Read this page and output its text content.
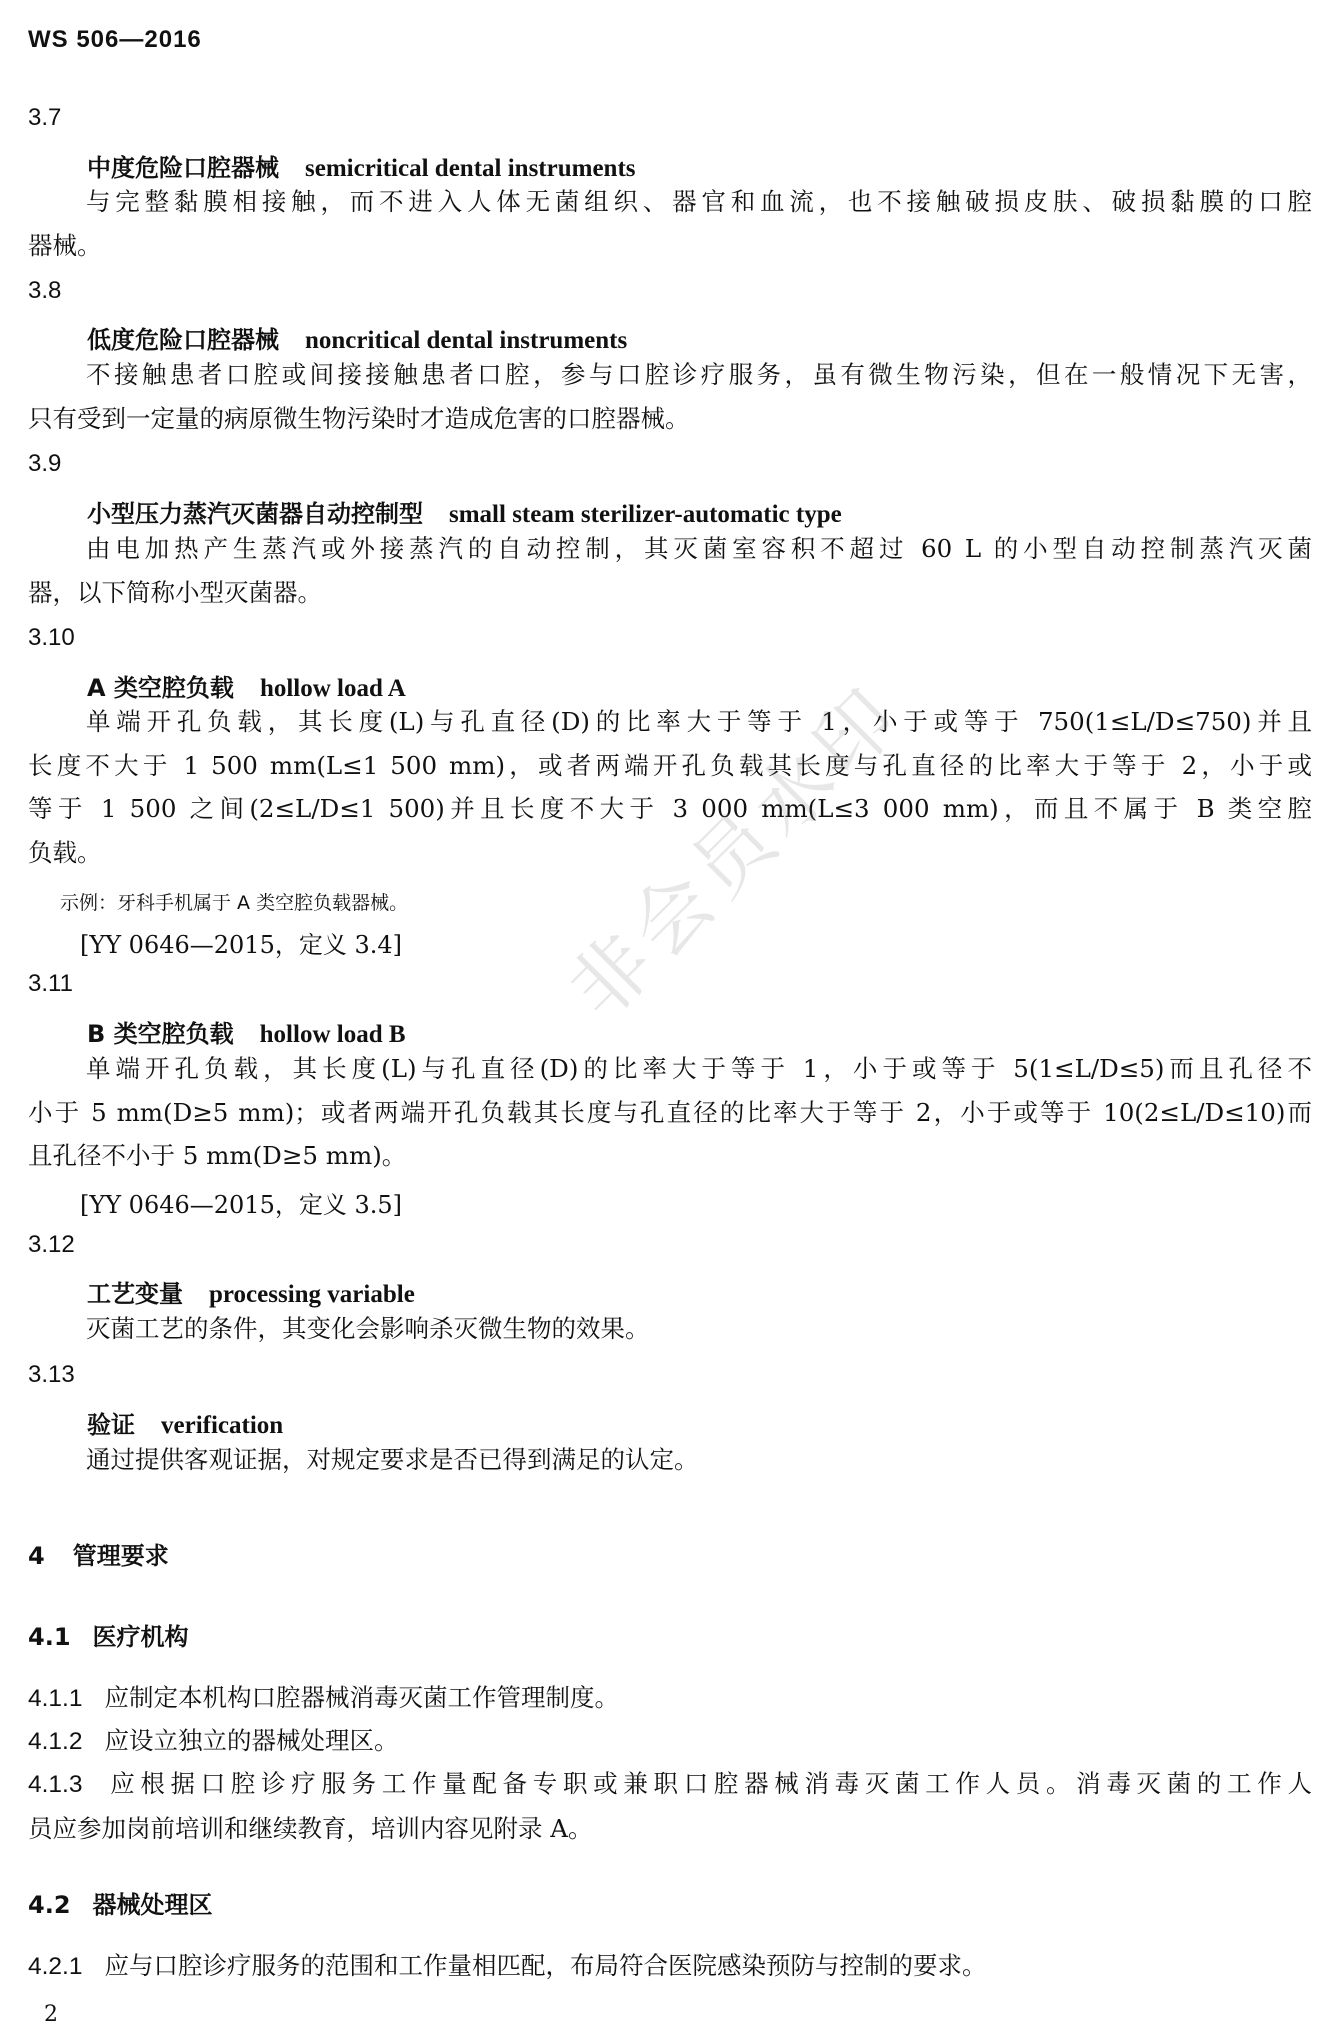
WS 506—2016
3.7
中度危险口腔器械 semicritical dental instruments
与完整黏膜相接触，而不进入人体无菌组织、器官和血流，也不接触破损皮肤、破损黏膜的口腔
器械。
3.8
低度危险口腔器械 noncritical dental instruments
不接触患者口腔或间接接触患者口腔，参与口腔诊疗服务，虽有微生物污染，但在一般情况下无害，
只有受到一定量的病原微生物污染时才造成危害的口腔器械。
3.9
小型压力蒸汽灭菌器自动控制型 small steam sterilizer-automatic type
由电加热产生蒸汽或外接蒸汽的自动控制，其灭菌室容积不超过 60 L 的小型自动控制蒸汽灭菌
器，以下简称小型灭菌器。
3.10
A 类空腔负载 hollow load A
单端开孔负载，其长度(L)与孔直径(D)的比率大于等于 1，小于或等于 750(1≤L/D≤750)并且
长度不大于 1 500 mm(L≤1 500 mm)，或者两端开孔负载其长度与孔直径的比率大于等于 2，小于或
等于 1 500 之间(2≤L/D≤1 500)并且长度不大于 3 000 mm(L≤3 000 mm)，而且不属于 B 类空腔
负载。
示例：牙科手机属于 A 类空腔负载器械。
[YY 0646—2015，定义 3.4]
3.11
B 类空腔负载 hollow load B
单端开孔负载，其长度(L)与孔直径(D)的比率大于等于 1，小于或等于 5(1≤L/D≤5)而且孔径不
小于 5 mm(D≥5 mm)；或者两端开孔负载其长度与孔直径的比率大于等于 2，小于或等于 10(2≤L/D≤10)而
且孔径不小于 5 mm(D≥5 mm)。
[YY 0646—2015，定义 3.5]
3.12
工艺变量 processing variable
灭菌工艺的条件，其变化会影响杀灭微生物的效果。
3.13
验证 verification
通过提供客观证据，对规定要求是否已得到满足的认定。
4 管理要求
4.1 医疗机构
4.1.1 应制定本机构口腔器械消毒灭菌工作管理制度。
4.1.2 应设立独立的器械处理区。
4.1.3 应根据口腔诊疗服务工作量配备专职或兼职口腔器械消毒灭菌工作人员。消毒灭菌的工作人
员应参加岗前培训和继续教育，培训内容见附录 A。
4.2 器械处理区
4.2.1 应与口腔诊疗服务的范围和工作量相匹配，布局符合医院感染预防与控制的要求。
2
非会员水印
